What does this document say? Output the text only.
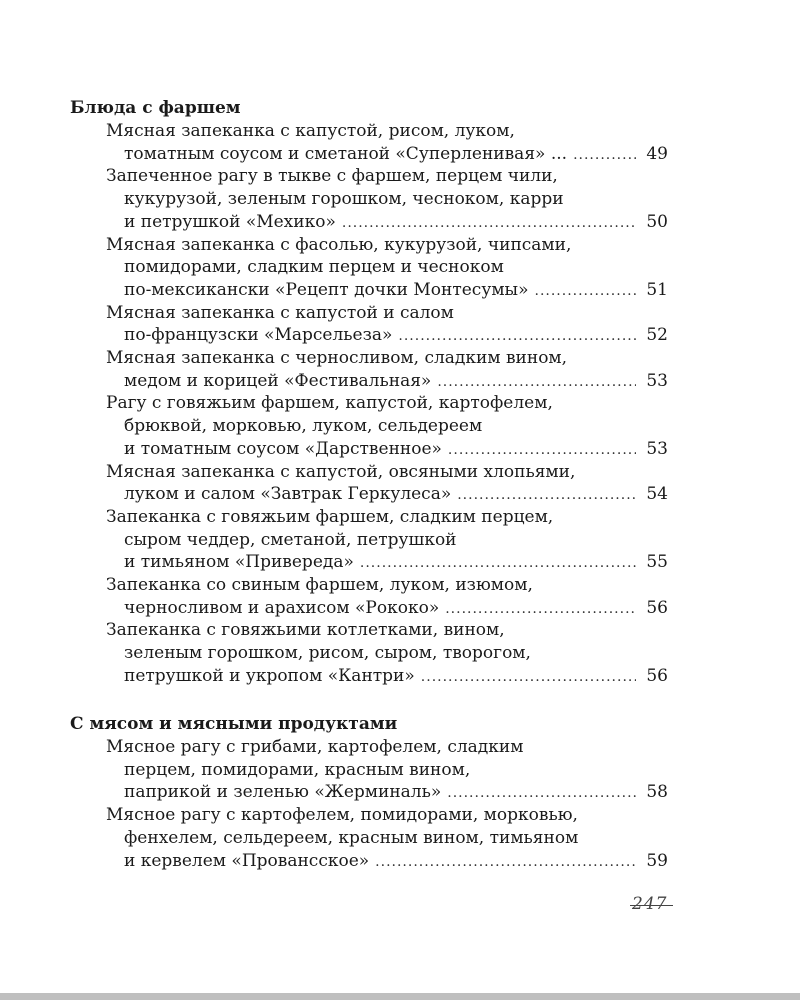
Блюда с фаршем
Мясная запеканка с капустой, рисом, луком,
томатным соусом и сметаной «Суперленивая» ... .....	49
Запеченное рагу в тыкве с фаршем, перцем чили,
кукурузой, зеленым горошком, чесноком, карри
и петрушкой «Мехико» .....	50
Мясная запеканка с фасолью, кукурузой, чипсами,
помидорами, сладким перцем и чесноком
по-мексикански «Рецепт дочки Монтесумы» .....	51
Мясная запеканка с капустой и салом
по-французски «Марсельеза» .....	52
Мясная запеканка с черносливом, сладким вином,
медом и корицей «Фестивальная» .....	53
Рагу с говяжьим фаршем, капустой, картофелем,
брюквой, морковью, луком, сельдереем
и томатным соусом «Дарственное» .....	53
Мясная запеканка с капустой, овсяными хлопьями,
луком и салом «Завтрак Геркулеса» .....	54
Запеканка с говяжьим фаршем, сладким перцем,
сыром чеддер, сметаной, петрушкой
и тимьяном «Привереда» .....	55
Запеканка со свиным фаршем, луком, изюмом,
черносливом и арахисом «Рококо» .....	56
Запеканка с говяжьими котлетками, вином,
зеленым горошком, рисом, сыром, творогом,
петрушкой и укропом «Кантри» .....	56
С мясом и мясными продуктами
Мясное рагу с грибами, картофелем, сладким
перцем, помидорами, красным вином,
паприкой и зеленью «Жерминаль» .....	58
Мясное рагу с картофелем, помидорами, морковью,
фенхелем, сельдереем, красным вином, тимьяном
и кервелем «Провансское» .....	59
247
